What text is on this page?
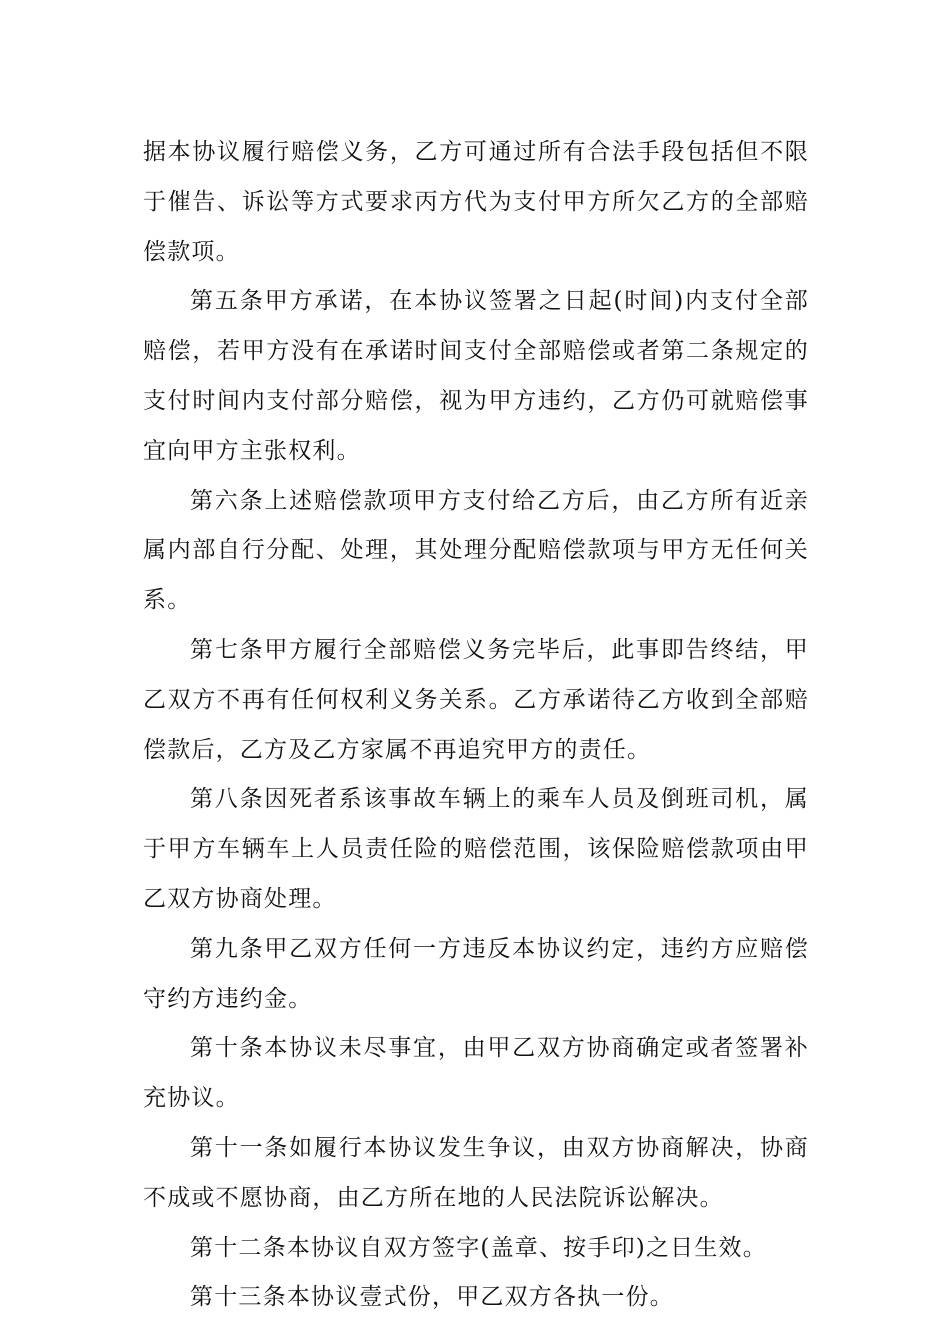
据本协议履行赔偿义务，乙方可通过所有合法手段包括但不限于催告、诉讼等方式要求丙方代为支付甲方所欠乙方的全部赔偿款项。

第五条甲方承诺，在本协议签署之日起(时间)内支付全部赔偿，若甲方没有在承诺时间支付全部赔偿或者第二条规定的支付时间内支付部分赔偿，视为甲方违约，乙方仍可就赔偿事宜向甲方主张权利。

第六条上述赔偿款项甲方支付给乙方后，由乙方所有近亲属内部自行分配、处理，其处理分配赔偿款项与甲方无任何关系。

第七条甲方履行全部赔偿义务完毕后，此事即告终结，甲乙双方不再有任何权利义务关系。乙方承诺待乙方收到全部赔偿款后，乙方及乙方家属不再追究甲方的责任。

第八条因死者系该事故车辆上的乘车人员及倒班司机，属于甲方车辆车上人员责任险的赔偿范围，该保险赔偿款项由甲乙双方协商处理。

第九条甲乙双方任何一方违反本协议约定，违约方应赔偿守约方违约金。

第十条本协议未尽事宜，由甲乙双方协商确定或者签署补充协议。

第十一条如履行本协议发生争议，由双方协商解决，协商不成或不愿协商，由乙方所在地的人民法院诉讼解决。

第十二条本协议自双方签字(盖章、按手印)之日生效。

第十三条本协议壹式份，甲乙双方各执一份。
